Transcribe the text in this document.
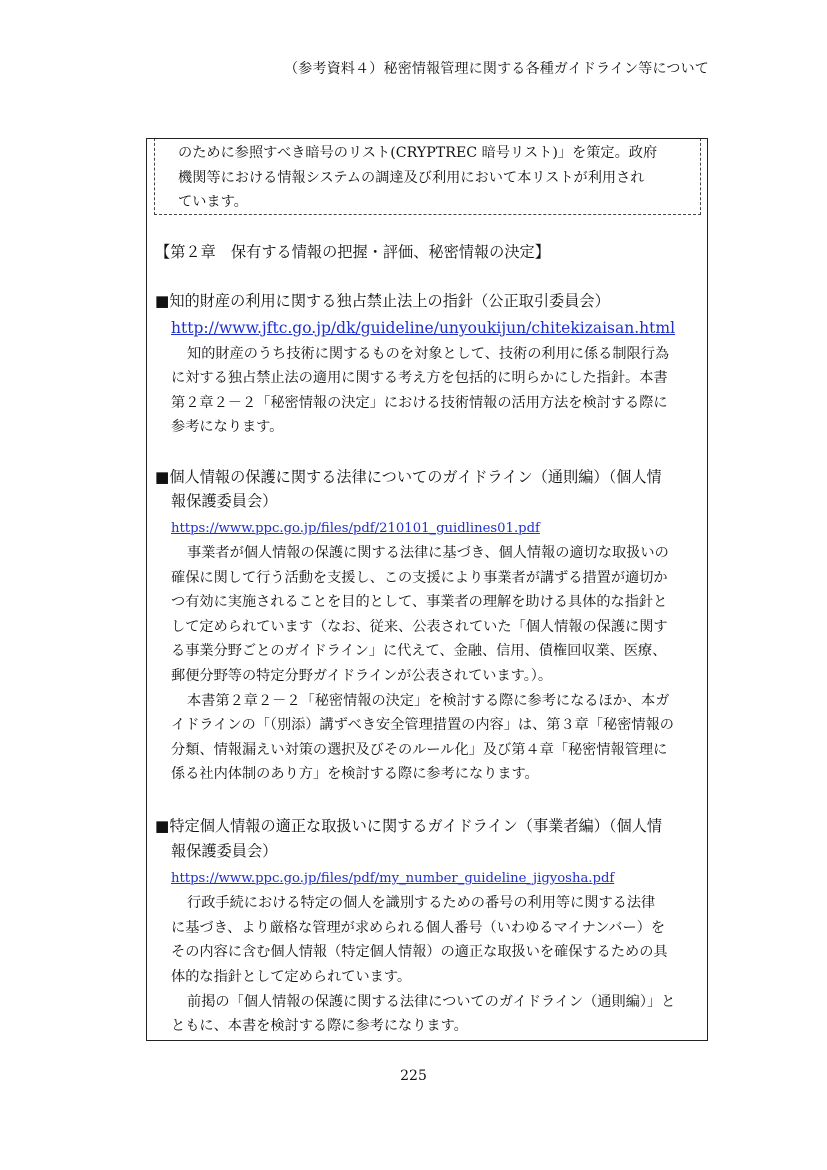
（参考資料４）秘密情報管理に関する各種ガイドライン等について
のために参照すべき暗号のリスト(CRYPTREC 暗号リスト)」を策定。政府
機関等における情報システムの調達及び利用において本リストが利用され
ています。
【第２章　保有する情報の把握・評価、秘密情報の決定】
■知的財産の利用に関する独占禁止法上の指針（公正取引委員会）
http://www.jftc.go.jp/dk/guideline/unyoukijun/chitekizaisan.html
知的財産のうち技術に関するものを対象として、技術の利用に係る制限行為
に対する独占禁止法の適用に関する考え方を包括的に明らかにした指針。本書
第２章２－２「秘密情報の決定」における技術情報の活用方法を検討する際に
参考になります。
■個人情報の保護に関する法律についてのガイドライン（通則編）（個人情
報保護委員会）
https://www.ppc.go.jp/files/pdf/210101_guidlines01.pdf
事業者が個人情報の保護に関する法律に基づき、個人情報の適切な取扱いの
確保に関して行う活動を支援し、この支援により事業者が講ずる措置が適切か
つ有効に実施されることを目的として、事業者の理解を助ける具体的な指針と
して定められています（なお、従来、公表されていた「個人情報の保護に関す
る事業分野ごとのガイドライン」に代えて、金融、信用、債権回収業、医療、
郵便分野等の特定分野ガイドラインが公表されています。）。
本書第２章２－２「秘密情報の決定」を検討する際に参考になるほか、本ガ
イドラインの「（別添）講ずべき安全管理措置の内容」は、第３章「秘密情報の
分類、情報漏えい対策の選択及びそのルール化」及び第４章「秘密情報管理に
係る社内体制のあり方」を検討する際に参考になります。
■特定個人情報の適正な取扱いに関するガイドライン（事業者編）（個人情
報保護委員会）
https://www.ppc.go.jp/files/pdf/my_number_guideline_jigyosha.pdf
行政手続における特定の個人を識別するための番号の利用等に関する法律
に基づき、より厳格な管理が求められる個人番号（いわゆるマイナンバー）を
その内容に含む個人情報（特定個人情報）の適正な取扱いを確保するための具
体的な指針として定められています。
前掲の「個人情報の保護に関する法律についてのガイドライン（通則編）」と
ともに、本書を検討する際に参考になります。
225
